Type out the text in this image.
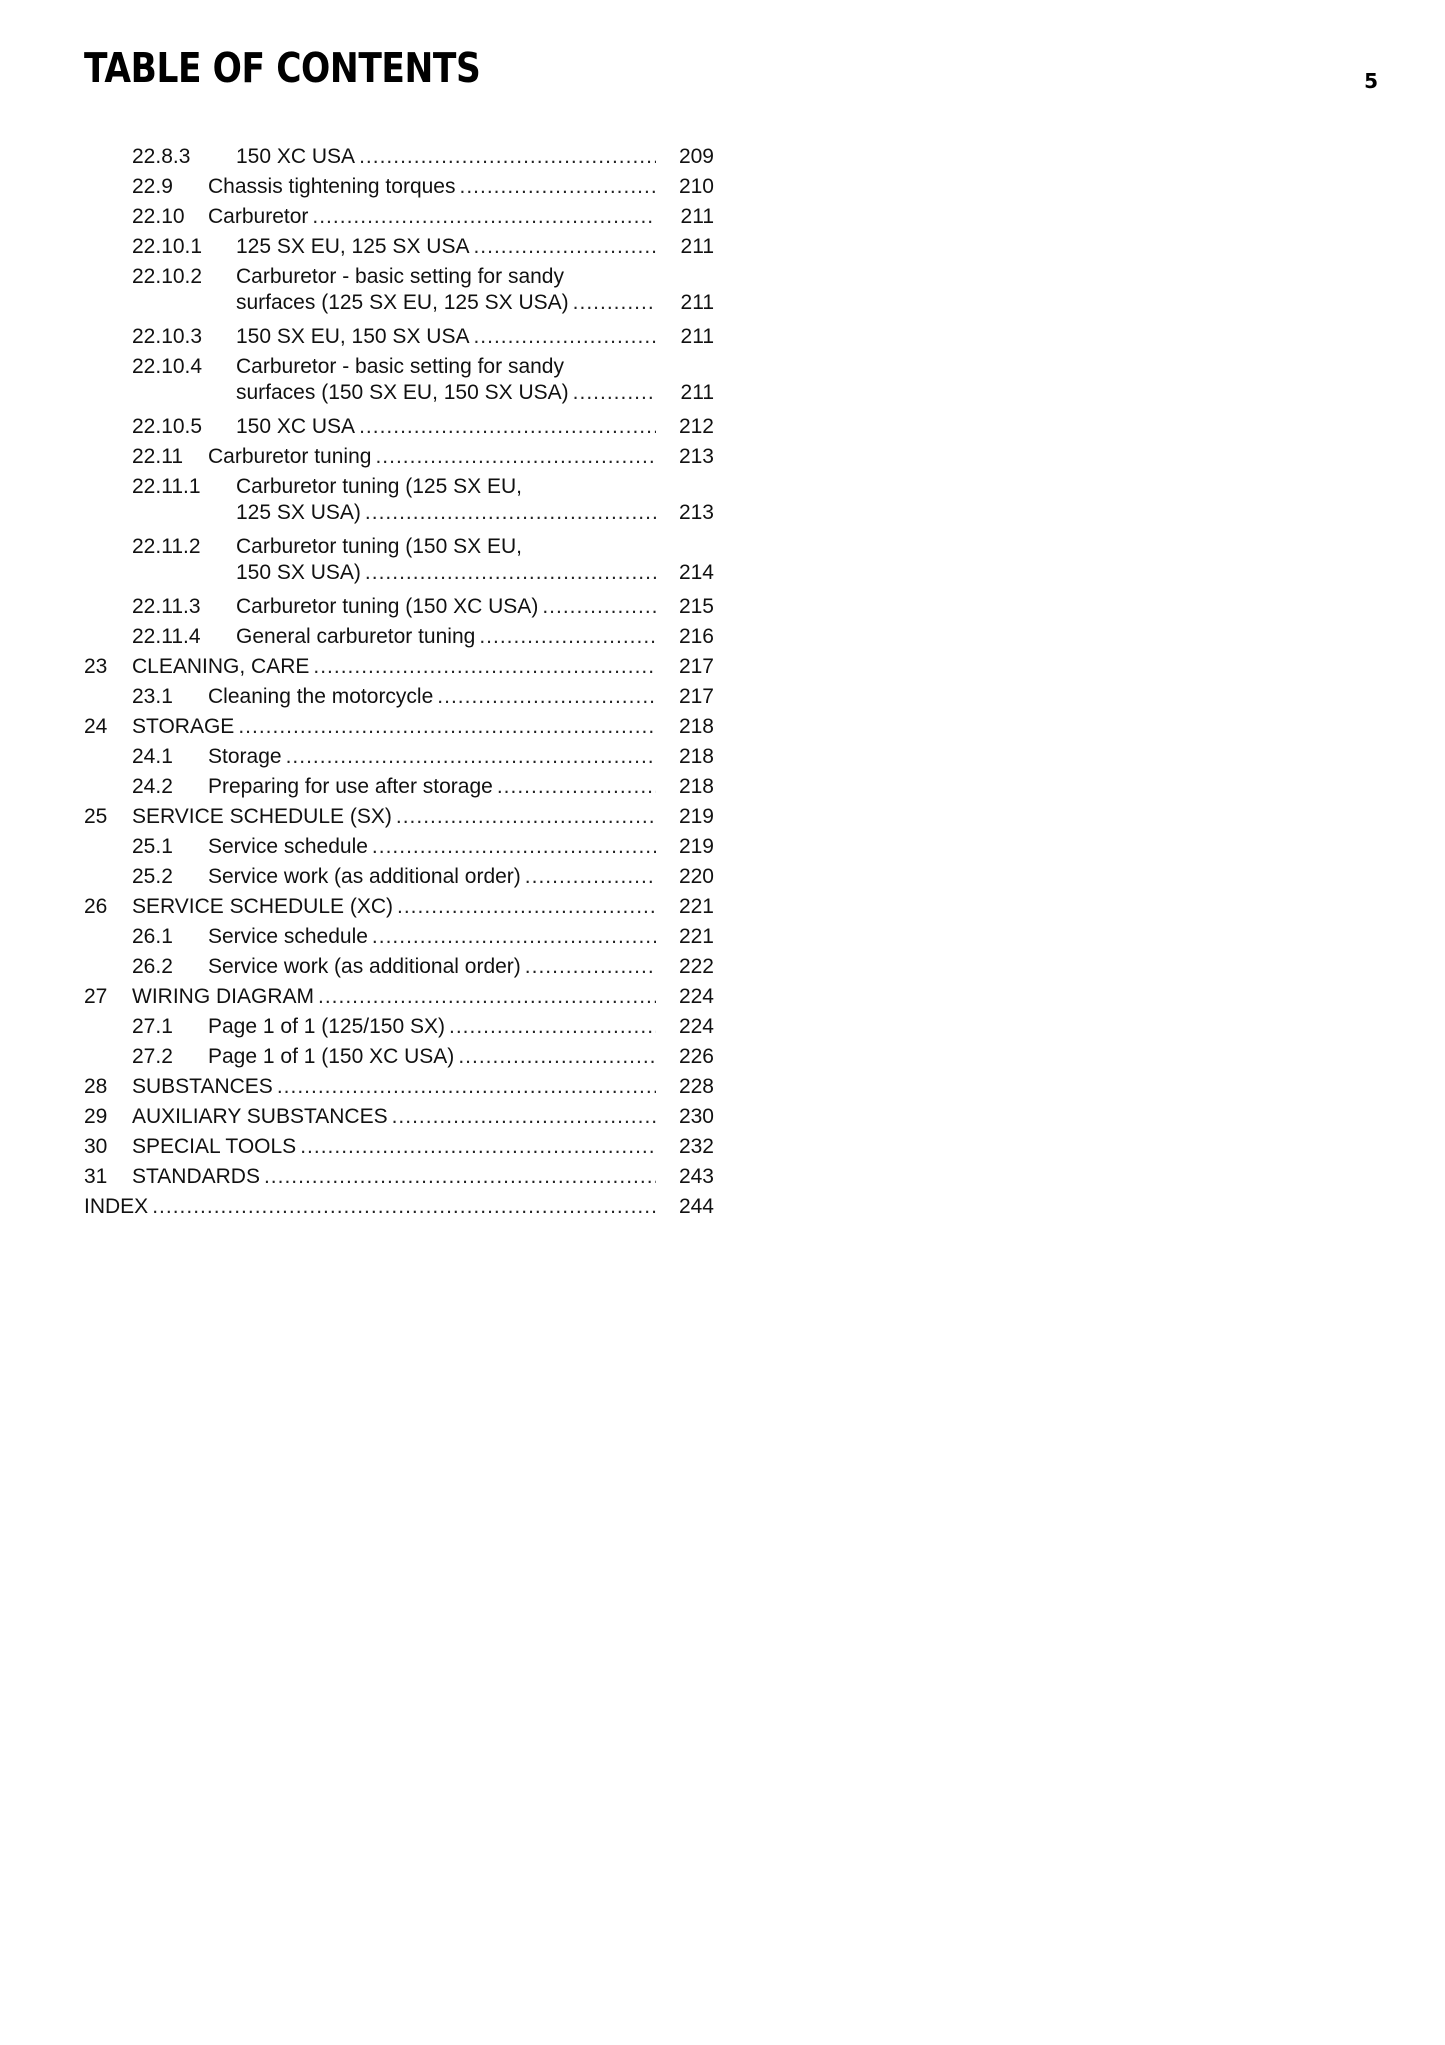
TABLE OF CONTENTS	5
22.8.3	150 XC USA .....	209
22.9	Chassis tightening torques .....	210
22.10	Carburetor .....	211
22.10.1	125 SX EU, 125 SX USA .....	211
22.10.2	Carburetor - basic setting for sandy
surfaces (125 SX EU, 125 SX USA) .....	211
22.10.3	150 SX EU, 150 SX USA .....	211
22.10.4	Carburetor - basic setting for sandy
surfaces (150 SX EU, 150 SX USA) .....	211
22.10.5	150 XC USA .....	212
22.11	Carburetor tuning .....	213
22.11.1	Carburetor tuning (125 SX EU,
125 SX USA) .....	213
22.11.2	Carburetor tuning (150 SX EU,
150 SX USA) .....	214
22.11.3	Carburetor tuning (150 XC USA) .....	215
22.11.4	General carburetor tuning .....	216
23	CLEANING, CARE .....	217
23.1	Cleaning the motorcycle .....	217
24	STORAGE .....	218
24.1	Storage .....	218
24.2	Preparing for use after storage .....	218
25	SERVICE SCHEDULE (SX) .....	219
25.1	Service schedule .....	219
25.2	Service work (as additional order) .....	220
26	SERVICE SCHEDULE (XC) .....	221
26.1	Service schedule .....	221
26.2	Service work (as additional order) .....	222
27	WIRING DIAGRAM .....	224
27.1	Page 1 of 1 (125/150 SX) .....	224
27.2	Page 1 of 1 (150 XC USA) .....	226
28	SUBSTANCES .....	228
29	AUXILIARY SUBSTANCES .....	230
30	SPECIAL TOOLS .....	232
31	STANDARDS .....	243
INDEX .....	244
